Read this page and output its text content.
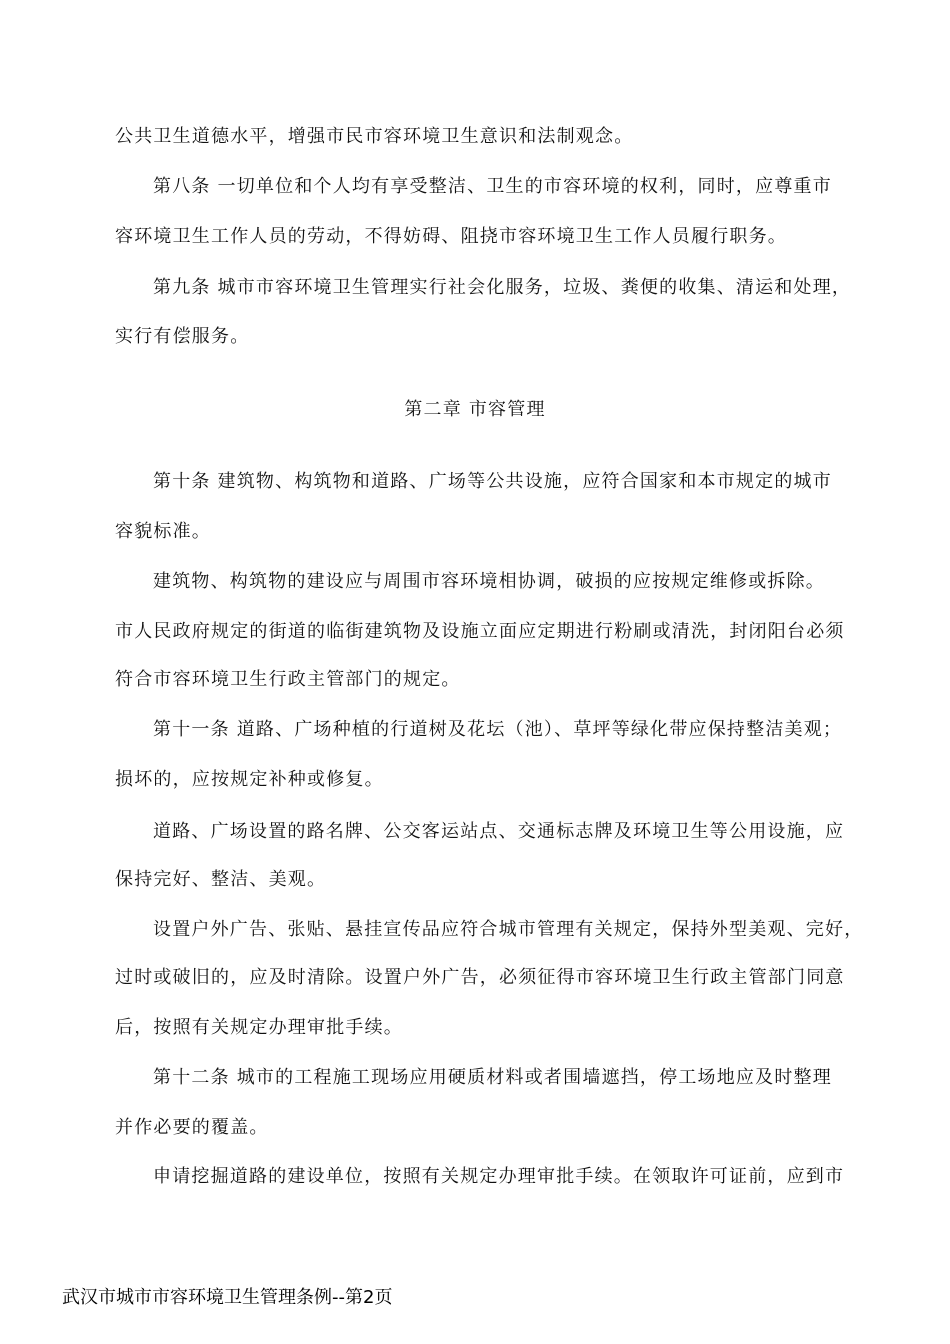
公共卫生道德水平，增强市民市容环境卫生意识和法制观念。
第八条 一切单位和个人均有享受整洁、卫生的市容环境的权利，同时，应尊重市
容环境卫生工作人员的劳动，不得妨碍、阻挠市容环境卫生工作人员履行职务。
第九条 城市市容环境卫生管理实行社会化服务，垃圾、粪便的收集、清运和处理，
实行有偿服务。
第二章 市容管理
第十条 建筑物、构筑物和道路、广场等公共设施，应符合国家和本市规定的城市
容貌标准。
建筑物、构筑物的建设应与周围市容环境相协调，破损的应按规定维修或拆除。
市人民政府规定的街道的临街建筑物及设施立面应定期进行粉刷或清洗，封闭阳台必须
符合市容环境卫生行政主管部门的规定。
第十一条 道路、广场种植的行道树及花坛（池）、草坪等绿化带应保持整洁美观；
损坏的，应按规定补种或修复。
道路、广场设置的路名牌、公交客运站点、交通标志牌及环境卫生等公用设施，应
保持完好、整洁、美观。
设置户外广告、张贴、悬挂宣传品应符合城市管理有关规定，保持外型美观、完好，
过时或破旧的，应及时清除。设置户外广告，必须征得市容环境卫生行政主管部门同意
后，按照有关规定办理审批手续。
第十二条 城市的工程施工现场应用硬质材料或者围墙遮挡，停工场地应及时整理
并作必要的覆盖。
申请挖掘道路的建设单位，按照有关规定办理审批手续。在领取许可证前，应到市
武汉市城市市容环境卫生管理条例--第2页
